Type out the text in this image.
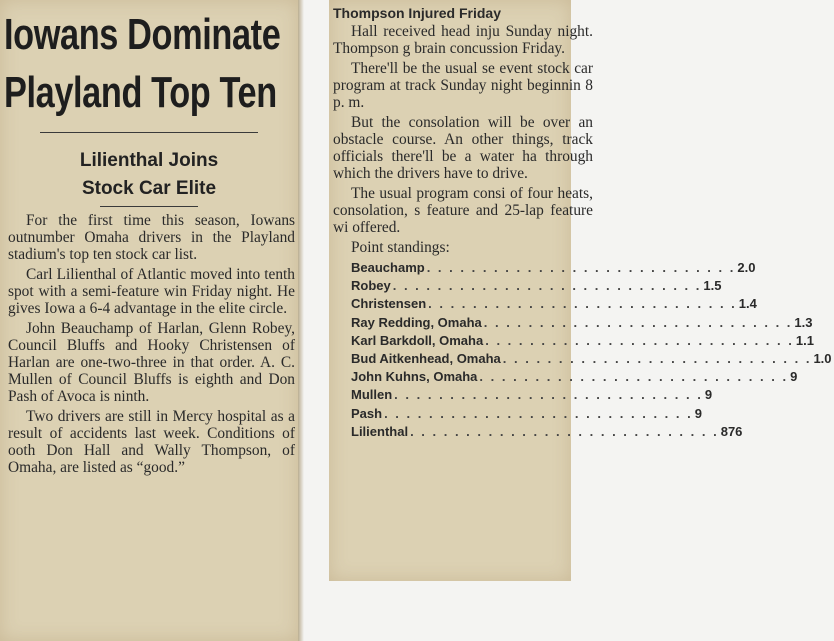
Iowans Dominate
Playland Top Ten
Lilienthal Joins
Stock Car Elite

For the first time this season, Iowans outnumber Omaha drivers in the Playland stadium's top ten stock car list.

Carl Lilienthal of Atlantic moved into tenth spot with a semi-feature win Friday night. He gives Iowa a 6-4 advantage in the elite circle.

John Beauchamp of Harlan, Glenn Robey, Council Bluffs and Hooky Christensen of Harlan are one-two-three in that order. A. C. Mullen of Council Bluffs is eighth and Don Pash of Avoca is ninth.

Two drivers are still in Mercy hospital as a result of accidents last week. Conditions of ooth Don Hall and Wally Thompson, of Omaha, are listed as “good.”

Thompson Injured Friday

Hall received head inju Sunday night. Thompson g brain concussion Friday.

There'll be the usual se event stock car program at track Sunday night beginnin 8 p. m.

But the consolation will be over an obstacle course. An other things, track officials there'll be a water ha through which the drivers have to drive.

The usual program consi of four heats, consolation, s feature and 25-lap feature wi offered.

Point standings:

Beauchamp . . . . . . . . . . . . . . . . . . . . . . . . . . . . 2.0
Robey . . . . . . . . . . . . . . . . . . . . . . . . . . . . 1.5
Christensen . . . . . . . . . . . . . . . . . . . . . . . . . . . . 1.4
Ray Redding, Omaha . . . . . . . . . . . . . . . . . . . . . . . . . . . . 1.3
Karl Barkdoll, Omaha . . . . . . . . . . . . . . . . . . . . . . . . . . . . 1.1
Bud Aitkenhead, Omaha . . . . . . . . . . . . . . . . . . . . . . . . . . . . 1.0
John Kuhns, Omaha . . . . . . . . . . . . . . . . . . . . . . . . . . . . 9
Mullen . . . . . . . . . . . . . . . . . . . . . . . . . . . . 9
Pash . . . . . . . . . . . . . . . . . . . . . . . . . . . . 9
Lilienthal . . . . . . . . . . . . . . . . . . . . . . . . . . . . 876
